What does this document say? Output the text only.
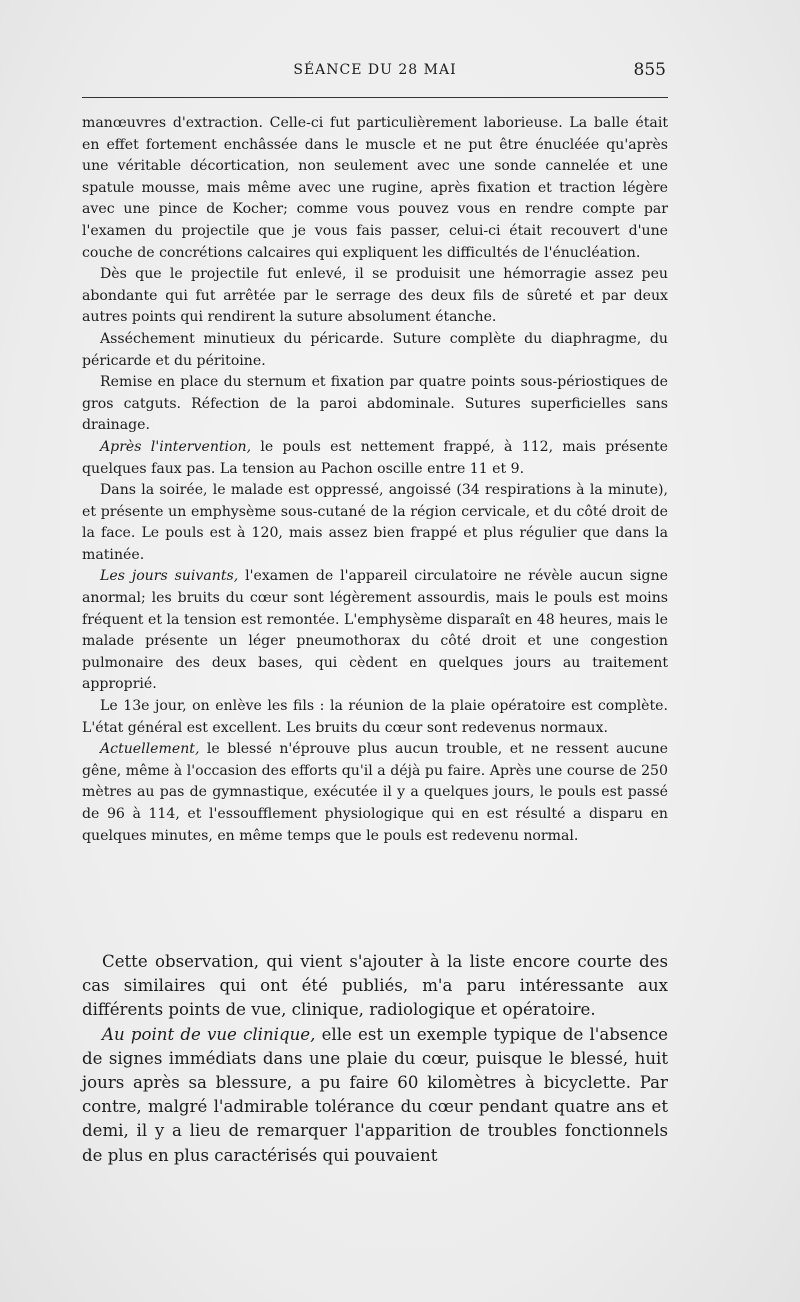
SÉANCE DU 28 MAI	855

manœuvres d'extraction. Celle-ci fut particulièrement laborieuse. La balle était en effet fortement enchâssée dans le muscle et ne put être énucléée qu'après une véritable décortication, non seulement avec une sonde cannelée et une spatule mousse, mais même avec une rugine, après fixation et traction légère avec une pince de Kocher; comme vous pouvez vous en rendre compte par l'examen du projectile que je vous fais passer, celui-ci était recouvert d'une couche de concrétions calcaires qui expliquent les difficultés de l'énucléation.

Dès que le projectile fut enlevé, il se produisit une hémorragie assez peu abondante qui fut arrêtée par le serrage des deux fils de sûreté et par deux autres points qui rendirent la suture absolument étanche.

Asséchement minutieux du péricarde. Suture complète du diaphragme, du péricarde et du péritoine.

Remise en place du sternum et fixation par quatre points sous-périostiques de gros catguts. Réfection de la paroi abdominale. Sutures superficielles sans drainage.

Après l'intervention, le pouls est nettement frappé, à 112, mais présente quelques faux pas. La tension au Pachon oscille entre 11 et 9.

Dans la soirée, le malade est oppressé, angoissé (34 respirations à la minute), et présente un emphysème sous-cutané de la région cervicale, et du côté droit de la face. Le pouls est à 120, mais assez bien frappé et plus régulier que dans la matinée.

Les jours suivants, l'examen de l'appareil circulatoire ne révèle aucun signe anormal; les bruits du cœur sont légèrement assourdis, mais le pouls est moins fréquent et la tension est remontée. L'emphysème disparaît en 48 heures, mais le malade présente un léger pneumothorax du côté droit et une congestion pulmonaire des deux bases, qui cèdent en quelques jours au traitement approprié.

Le 13e jour, on enlève les fils : la réunion de la plaie opératoire est complète. L'état général est excellent. Les bruits du cœur sont redevenus normaux.

Actuellement, le blessé n'éprouve plus aucun trouble, et ne ressent aucune gêne, même à l'occasion des efforts qu'il a déjà pu faire. Après une course de 250 mètres au pas de gymnastique, exécutée il y a quelques jours, le pouls est passé de 96 à 114, et l'essoufflement physiologique qui en est résulté a disparu en quelques minutes, en même temps que le pouls est redevenu normal.

Cette observation, qui vient s'ajouter à la liste encore courte des cas similaires qui ont été publiés, m'a paru intéressante aux différents points de vue, clinique, radiologique et opératoire.

Au point de vue clinique, elle est un exemple typique de l'absence de signes immédiats dans une plaie du cœur, puisque le blessé, huit jours après sa blessure, a pu faire 60 kilomètres à bicyclette. Par contre, malgré l'admirable tolérance du cœur pendant quatre ans et demi, il y a lieu de remarquer l'apparition de troubles fonctionnels de plus en plus caractérisés qui pouvaient
